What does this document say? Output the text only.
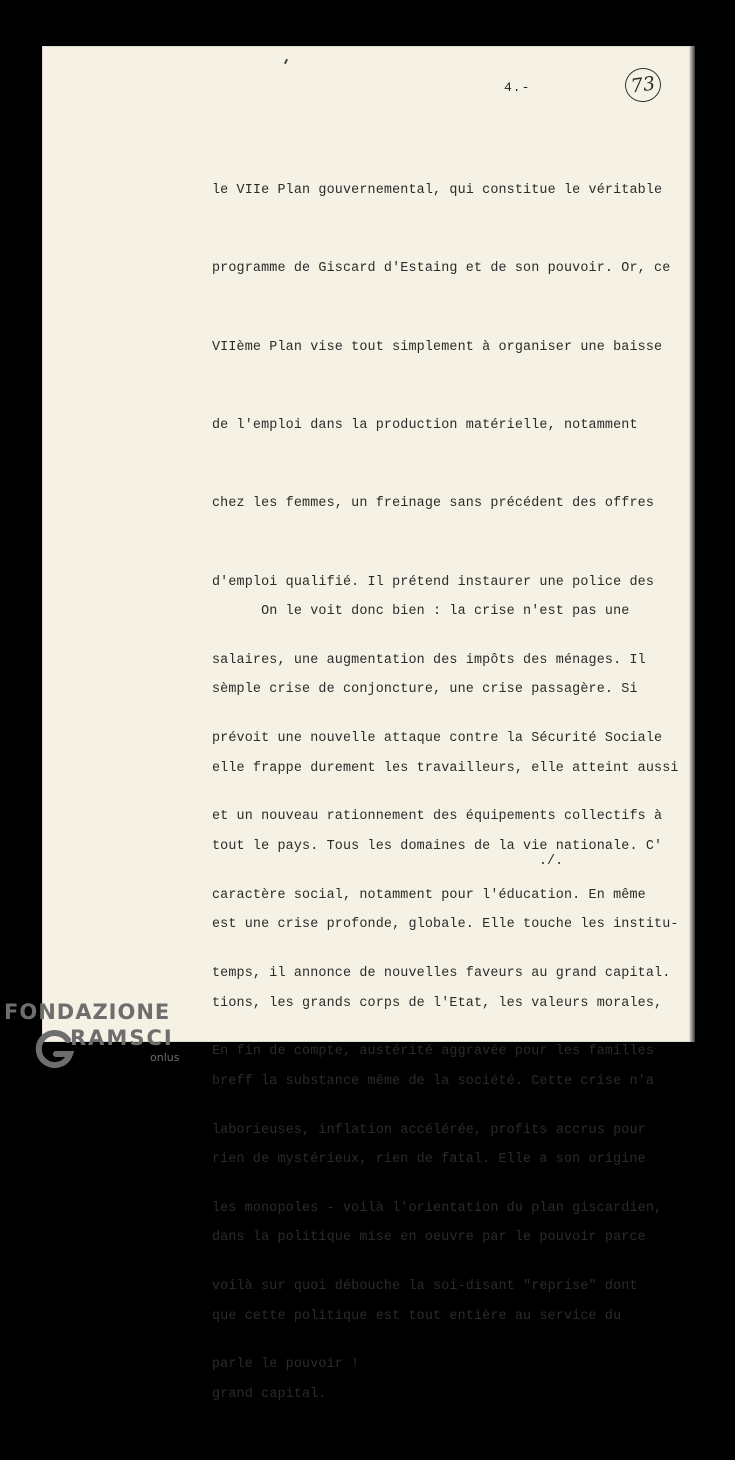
4.-	73

le VIIe Plan gouvernemental, qui constitue le véritable

programme de Giscard d'Estaing et de son pouvoir. Or, ce

VIIème Plan vise tout simplement à organiser une baisse

de l'emploi dans la production matérielle, notamment

chez les femmes, un freinage sans précédent des offres

d'emploi qualifié. Il prétend instaurer une police des

salaires, une augmentation des impôts des ménages. Il

prévoit une nouvelle attaque contre la Sécurité Sociale

et un nouveau rationnement des équipements collectifs à

caractère social, notamment pour l'éducation. En même

temps, il annonce de nouvelles faveurs au grand capital.

En fin de compte, austérité aggravée pour les familles

laborieuses, inflation accélérée, profits accrus pour

les monopoles - voilà l'orientation du plan giscardien,

voilà sur quoi débouche la soi-disant "reprise" dont

parle le pouvoir !

On le voit donc bien : la crise n'est pas une

sèmple crise de conjoncture, une crise passagère. Si

elle frappe durement les travailleurs, elle atteint aussi

tout le pays. Tous les domaines de la vie nationale. C'

est une crise profonde, globale. Elle touche les institu-

tions, les grands corps de l'Etat, les valeurs morales,

breff la substance même de la société. Cette crise n'a

rien de mystérieux, rien de fatal. Elle a son origine

dans la politique mise en oeuvre par le pouvoir parce

que cette politique est tout entière au service du

grand capital.

./.
FONDAZIONE
RAMSCI
onlus
